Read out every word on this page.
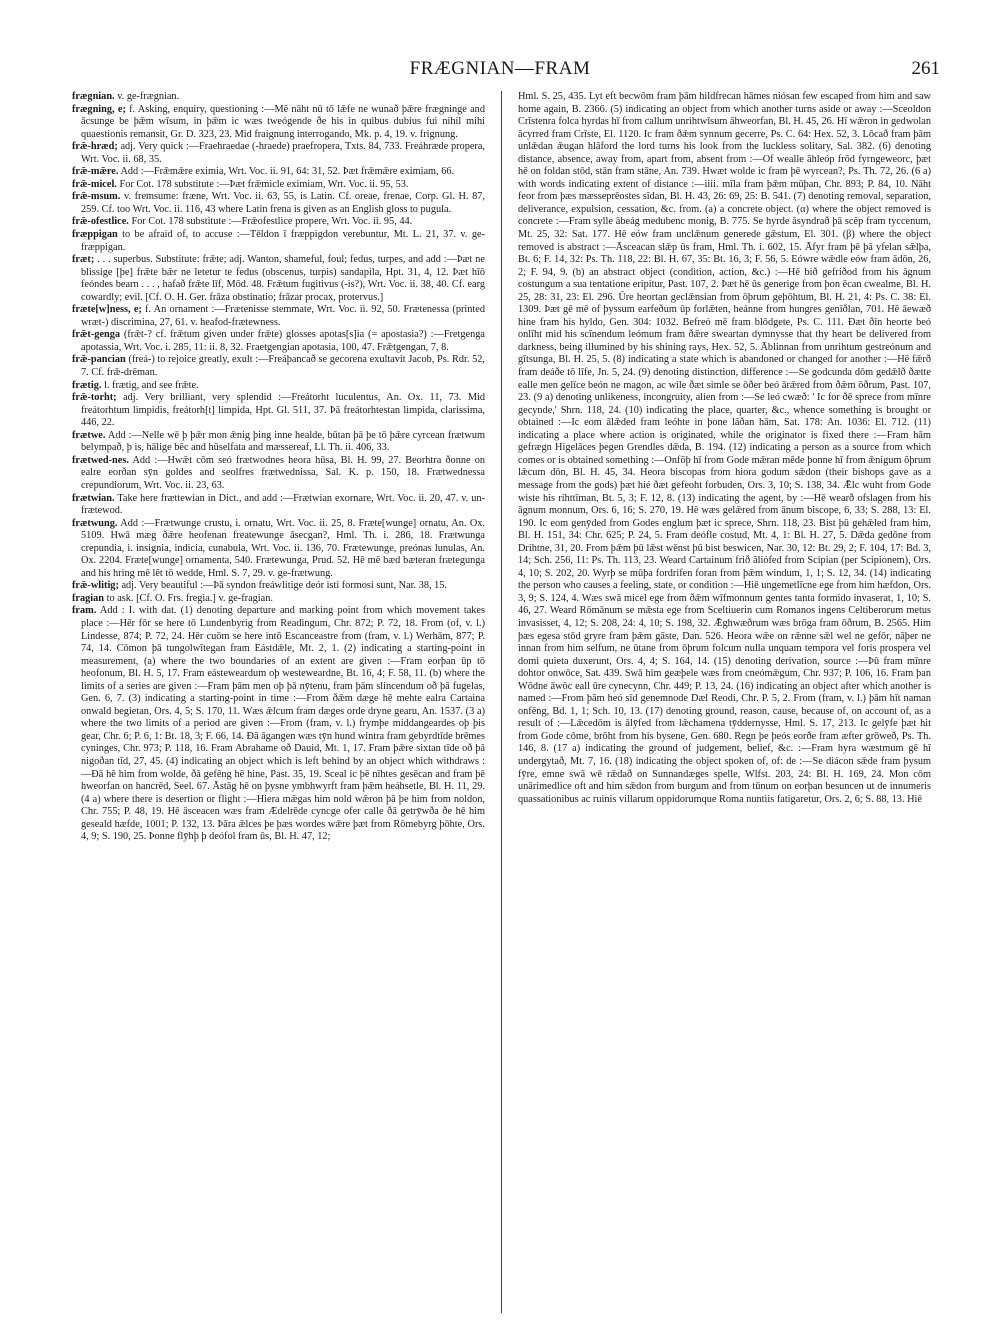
FRÆGNIAN—FRAM	261

frægnian. v. ge-frægnian.

frægning, e; f. Asking, enquiry, questioning :—Mē nāht nū tō lǣfe ne wunað þǣre frægninge and ācsunge be þǣm wīsum, in þǣm ic wæs tweógende ðe his in quibus dubius fui nihil mihi quaestionis remansit, Gr. D. 323, 23. Mid fraignung interrogando, Mk. p. 4, 19. v. frignung.

frǣ-hræd; adj. Very quick :—Fraehraedae (-hraede) praefropera, Txts. 84, 733. Freáhræde propera, Wrt. Voc. ii. 68, 35.

frǣ-mǣre. Add :—Frǣmǣre eximia, Wrt. Voc. ii. 91, 64: 31, 52. Þæt frǣmǣre eximiam, 66.

frǣ-micel. For Cot. 178 substitute :—Þæt frǣmicle eximiam, Wrt. Voc. ii. 95, 53.

frǣ-msum. v. fremsume: fræne, Wrt. Voc. ii. 63, 55, is Latin. Cf. oreae, frenae, Corp. Gl. H. 87, 259. Cf. too Wrt. Voc. ii. 116, 43 where Latin frena is given as an English gloss to pugula.

frǣ-ofestlice. For Cot. 178 substitute :—Frǣofestlice propere, Wrt. Voc. ii. 95, 44.

fræppigan to be afraid of, to accuse :—Tēldon ī fræppigdon verebuntur, Mt. L. 21, 37. v. ge-fræppigan.

fræt; . . . superbus. Substitute: frǣte; adj. Wanton, shameful, foul; fedus, turpes, and add :—Þæt ne blissige [þe] frǣte bǣr ne letetur te fedus (obscenus, turpis) sandapila, Hpt. 31, 4, 12. Þæt hīō feóndes bearn . . . , hafað frǣte līf, Mōd. 48. Frǣtum fugitivus (-is?), Wrt. Voc. ii. 38, 40. Cf. earg cowardly; evil. [Cf. O. H. Ger. frāza obstinatio; frāzar procax, protervus.]

fræte[w]ness, e; f. An ornament :—Frætenisse stemmate, Wrt. Voc. ii. 92, 50. Frætenessa (printed wræt-) discrimina, 27, 61. v. heafod-frætewness.

frǣt-genga (frǣt-? cf. frǣtum given under frǣte) glosses apotas[s]ia (= apostasia?) :—Fretgenga apotassia, Wrt. Voc. i. 285, 11: ii. 8, 32. Fraetgengian apotasia, 100, 47. Frǣtgengan, 7, 8.

frǣ-pancian (freá-) to rejoice greatly, exult :—Freáþancað se gecorena exultavit Jacob, Ps. Rdr. 52, 7. Cf. frǣ-drēman.

frætig. l. frætig, and see frǣte.

frǣ-torht; adj. Very brilliant, very splendid :—Freátorht luculentus, An. Ox. 11, 73. Mid freátorhtum limpidis, freátorh[t] limpida, Hpt. Gl. 511, 37. Þā freátorhtestan limpida, clarissima, 446, 22.

frætwe. Add :—Nelle wē þ þǣr mon ǣnig þing inne healde, būtan þā þe tō þǣre cyrcean frætwum belympað, þ is, hālige bēc and hūselfata and mæssereaf, Ll. Th. ii. 406, 33.

frætwed-nes. Add :—Hwǣt cōm seó frætwodnes heora hūsa, Bl. H. 99, 27. Beorhtra ðonne on ealre eorðan sȳn goldes and seolfres frætwednissa, Sal. K. p. 150, 18. Frætwednessa crepundiorum, Wrt. Voc. ii. 23, 63.

frætwian. Take here frættewian in Dict., and add :—Frætwian exornare, Wrt. Voc. ii. 20, 47. v. un-frætewod.

frætwung. Add :—Frætwunge crustu, i. ornatu, Wrt. Voc. ii. 25, 8. Fræte[wunge] ornatu, An. Ox. 5109. Hwā mæg ðǣre heofenan freatewunge āsecgan?, Hml. Th. i. 286, 18. Frætwunga crepundia, i. insignia, indicia, cunabula, Wrt. Voc. ii. 136, 70. Frætewunge, preónas lunulas, An. Ox. 2204. Fræte[wunge] ornamenta, 540. Frætewunga, Prud. 52. Hē mē bæd bæteran frætegunga and his hring mē lēt tō wedde, Hml. S. 7, 29. v. ge-frætwung.

frǣ-wlitig; adj. Very beautiful :—Þā syndon freáwlitige deór isti formosi sunt, Nar. 38, 15.

fragian to ask. [Cf. O. Frs. fregia.] v. ge-fragian.

fram. Add : I. with dat. (1) denoting departure and marking point from which movement takes place :—Hēr fōr se here tō Lundenbyrig from Readingum, Chr. 872; P. 72, 18. From (of, v. l.) Lindesse, 874; P. 72, 24. Hēr cuōm se here intō Escanceastre from (fram, v. l.) Werhām, 877; P. 74, 14. Cōmon þā tungolwītegan fram Eástdǣle, Mt. 2, 1. (2) indicating a starting-point in measurement, (a) where the two boundaries of an extent are given :—Fram eorþan ūp tō heofonum, Bl. H. 5, 17. Fram eásteweardum oþ westeweardne, Bt. 16, 4; F. 58, 11. (b) where the limits of a series are given :—Fram þām men oþ þā nȳtenu, fram þām slincendum oð þā fugelas, Gen. 6, 7. (3) indicating a starting-point in time :—From ðǣm dæge hē mehte ealra Cartaina onwald begietan, Ors. 4, 5; S. 170, 11. Wæs ǣlcum fram dæges orde dryne gearu, An. 1537. (3 a) where the two limits of a period are given :—From (fram, v. l.) frymþe middangeardes oþ þis gear, Chr. 6; P. 6, 1: Bt. 18, 3; F. 66, 14. Ðā āgangen wæs tȳn hund wintra fram gebyrdtīde brēmes cyninges, Chr. 973; P. 118, 16. Fram Abrahame oð Dauid, Mt. 1, 17. Fram þǣre sixtan tīde oð þā nigoðan tīd, 27, 45. (4) indicating an object which is left behind by an object which withdraws :—Ðā hē him from wolde, ðā gefēng hē hine, Past. 35, 19. Sceal ic þē nīhtes gesēcan and fram þē hweorfan on hancrēd, Seel. 67. Āstāg hē on þysne ymbhwyrft fram þǣm heáhsetle, Bl. H. 11, 29. (4 a) where there is desertion or flight :—Hiera mǣgas him nold wǣron þā þe him from noldon, Chr. 755; P. 48, 19. Hē āsceacen wæs fram Ædelrēde cyncge ofer calle ðā getrȳwða ðe hē him geseald hæfde, 1001; P. 132, 13. Þāra ǣlces þe þæs wordes wǣre þæt from Rōmebyrg þōhte, Ors. 4, 9; S. 190, 25. Þonne flȳhþ þ deófol fram ūs, Bl. H. 47, 12;

Hml. S. 25, 435. Lyt eft becwōm fram þām hildfrecan hāmes niósan few escaped from him and saw home again, B. 2366. (5) indicating an object from which another turns aside or away :—Sceoldon Crīstenra folca hyrdas hī from callum unrihtwīsum āhweorfan, Bl. H. 45, 26. Hī wǣron in gedwolan ācyrred fram Crīste, El. 1120. Ic fram ðǣm synnum gecerre, Ps. C. 64: Hex. 52, 3. Lōcað fram þām unlǣdan ǣugan hlāford the lord turns his look from the luckless solitary, Sal. 382. (6) denoting distance, absence, away from, apart from, absent from :—Of wealle āhleóp frōd fyrngeweorc, þæt hē on foldan stōd, stān fram stāne, An. 739. Hwæt wolde ic fram þē wyrcean?, Ps. Th. 72, 26. (6 a) with words indicating extent of distance :—iiii. mīla fram þǣm mūþan, Chr. 893; P. 84, 10. Nāht feor from þæs mæsseprēostes sīdan, Bl. H. 43, 26: 69, 25: B. 541. (7) denoting removal, separation, deliverance, expulsion, cessation, &c. from. (a) a concrete object. (α) where the object removed is concrete :—Fram sylle ābeág medubenc monig, B. 775. Se hyrde āsyndrað þā scēp fram tyccenum, Mt. 25, 32: Sat. 177. Hē eów fram unclǣnum generede gǣstum, El. 301. (β) where the object removed is abstract :—Āsceacan slǣp ūs fram, Hml. Th. i. 602, 15. Āfyr fram þē þā yfelan sǣlþa, Bt. 6; F. 14, 32: Ps. Th. 118, 22: Bl. H. 67, 35: Bt. 16, 3; F. 56, 5. Eówre wǣdle eów fram ādōn, 26, 2; F. 94, 9. (b) an abstract object (condition, action, &c.) :—Hē bið gefriðod from his āgnum costungum a sua tentatione eripitur, Past. 107, 2. Þæt hē ūs generige from þon ēcan cwealme, Bl. H. 25, 28: 31, 23: El. 296. Ūre heortan geclǣnsian from ōþrum geþōhtum, Bl. H. 21, 4: Ps. C. 38: El. 1309. Þæt gē mē of þyssum earfeðum ūp forlǣten, heánne from hungres genīðlan, 701. Hē āewæð hine fram his hyldo, Gen. 304: 1032. Befreó mē fram blōdgete, Ps. C. 111. Ðæt ðīn heorte beó onlīht mid his scīnendum leómum fram ðǣre sweartan dymnysse that thy heart be delivered from darkness, being illumined by his shining rays, Hex. 52, 5. Āblinnan from unrihtum gestreónum and gītsunga, Bl. H. 25, 5. (8) indicating a state which is abandoned or changed for another :—Hē fǣrð fram deáðe tō līfe, Jn. 5, 24. (9) denoting distinction, difference :—Se godcunda dōm gedǣlð ðætte ealle men gelīce beón ne magon, ac wile ðæt simle se ōðer beó ārǣred from ðǣm ōðrum, Past. 107, 23. (9 a) denoting unlikeness, incongruity, alien from :—Se leó cwæð: ' Ic for ðē sprece from mīnre gecynde,' Shrn. 118, 24. (10) indicating the place, quarter, &c., whence something is brought or obtained :—Ic eom ālǣded fram leóhte in þone lāðan hām, Sat. 178: An. 1036: El. 712. (11) indicating a place where action is originated, while the originator is fixed there :—Fram hām gefrægn Higelāces þegen Grendles dǣda, B. 194. (12) indicating a person as a source from which comes or is obtained something :—Onfōþ hī from Gode mǣran mēde þonne hī from ǣnigum ōþrum lǣcum dōn, Bl. H. 45, 34. Heora biscopas from hiora godum sǣdon (their bishops gave as a message from the gods) þæt hié ðæt gefeoht forbuden, Ors. 3, 10; S. 138, 34. Ǣlc wuht from Gode wiste his rihttīman, Bt. 5, 3; F. 12, 8. (13) indicating the agent, by :—Hē wearð ofslagen from his āgnum monnum, Ors. 6, 16; S. 270, 19. Hē wæs gelǣred from ānum biscope, 6, 33; S. 288, 13: El. 190. Ic eom genȳded from Godes englum þæt ic sprece, Shrn. 118, 23. Bist þū gehǣled fram him, Bl. H. 151, 34: Chr. 625; P. 24, 5. Fram deófle costud, Mt. 4, 1: Bl. H. 27, 5. Dǣda gedōne from Drihtne, 31, 20. From þǣm þū lǣst wēnst þū bist beswicen, Nar. 30, 12: Bt. 29, 2; F. 104, 17: Bd. 3, 14; Sch. 256, 11: Ps. Th. 113, 23. Weard Cartainum frið āliófed from Scipian (per Scipionem), Ors. 4, 10; S. 202, 20. Wyrþ se mūþa fordrifen foran from þǣm windum, 1, 1; S. 12, 34. (14) indicating the person who causes a feeling, state, or condition :—Hiē ungemetlīcne ege from him hæfdon, Ors. 3, 9; S. 124, 4. Wæs swā micel ege from ðǣm wīfmonnum gentes tanta formido invaserat, 1, 10; S. 46, 27. Weard Rōmānum se mǣsta ege from Sceltiuerin cum Romanos ingens Celtiberorum metus invasisset, 4, 12; S. 208, 24: 4, 10; S. 198, 32. Ǣghwæðrum wæs brōga fram ōðrum, B. 2565. Him þæs egesa stōd gryre fram þǣm gāste, Dan. 526. Heora wǣe on rǣnne sǣl wel ne gefōr, nāþer ne innan from him selfum, ne ūtane from ōþrum folcum nulla unquam tempora vel foris prospera vel domi quieta duxerunt, Ors. 4, 4; S. 164, 14. (15) denoting derivation, source :—Þū fram mīnre dohtor onwōce, Sat. 439. Swā him geæþele wæs from cneómǣgum, Chr. 937; P. 106, 16. Fram þan Wōdne āwōc eall ūre cynecynn, Chr. 449; P. 13, 24. (16) indicating an object after which another is named :—From þām heó sīd genemnode Dæl Reodi, Chr. P. 5, 2. From (fram, v. l.) þām hīt naman onfēng, Bd. 1, 1; Sch. 10, 13. (17) denoting ground, reason, cause, because of, on account of, as a result of :—Lǣcedōm is ālȳfed from lǣchamena tȳddernysse, Hml. S. 17, 213. Ic gelȳfe þæt hit from Gode cōme, brōht from his bysene, Gen. 680. Regn þe þeós eorðe fram æfter grōweð, Ps. Th. 146, 8. (17 a) indicating the ground of judgement, belief, &c. :—Fram hyra wæstmum gē hī undergytað, Mt. 7, 16. (18) indicating the object spoken of, of: de :—Se diácon sǣde fram þysum fȳre, emne swā wē rǣdað on Sunnandæges spelle, Wlfst. 203, 24: Bl. H. 169, 24. Mon cōm unārimedlice oft and him sǣdon from burgum and from tūnum on eorþan besuncen ut de innumeris quassationibus ac ruinis villarum oppidorumque Roma nuntiis fatigaretur, Ors. 2, 6; S. 88, 13. Hiē
